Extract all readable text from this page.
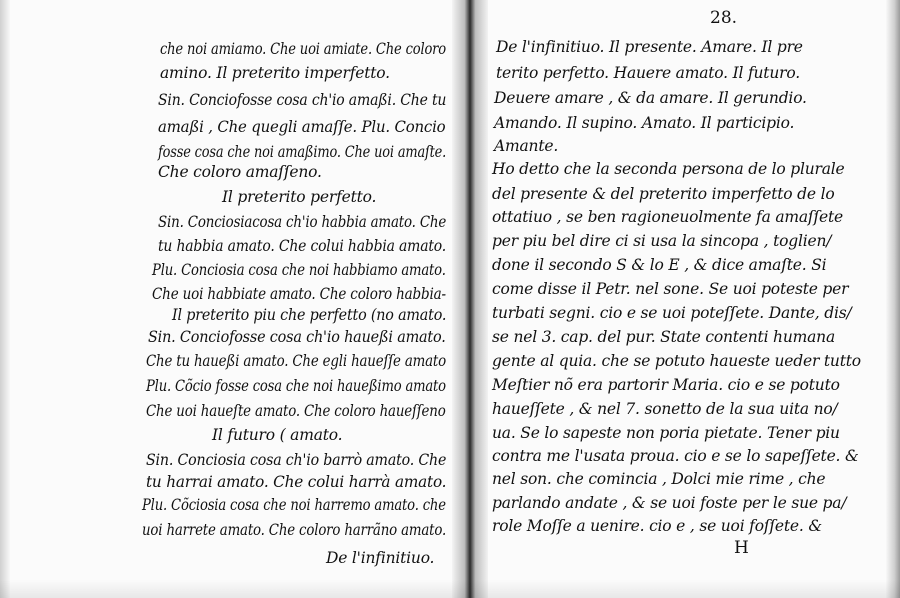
che noi amiamo. Che uoi amiate. Che coloro
amino. Il preterito imperfetto.
Sin. Conciofosse cosa ch'io amaßi. Che tu
amaßi , Che quegli amaſſe. Plu. Concio
fosse cosa che noi amaßimo. Che uoi amaſte.
Che coloro amaſſeno.
Il preterito perfetto.
Sin. Conciosiacosa ch'io habbia amato. Che
tu habbia amato. Che colui habbia amato.
Plu. Conciosia cosa che noi habbiamo amato.
Che uoi habbiate amato. Che coloro habbia-
Il preterito piu che perfetto (no amato.
Sin. Conciofosse cosa ch'io haueßi amato.
Che tu haueßi amato. Che egli haueſſe amato
Plu. Cõcio fosse cosa che noi haueßimo amato
Che uoi haueſte amato. Che coloro haueſſeno
Il futuro ( amato.
Sin. Conciosia cosa ch'io barrò amato. Che
tu harrai amato. Che colui harrà amato.
Plu. Cõciosia cosa che noi harremo amato. che
uoi harrete amato. Che coloro harrãno amato.
De l'infinitiuo.
28.
De l'infinitiuo. Il presente. Amare. Il pre
terito perfetto. Hauere amato. Il futuro.
Deuere amare , & da amare. Il gerundio.
Amando. Il supino. Amato. Il participio.
Amante.
Ho detto che la seconda persona de lo plurale
del presente & del preterito imperfetto de lo
ottatiuo , se ben ragioneuolmente fa amaſſete
per piu bel dire ci si usa la sincopa , toglien/
done il secondo S & lo E , & dice amaſte. Si
come disse il Petr. nel sone. Se uoi poteste per
turbati segni. cio e se uoi poteſſete. Dante, dis/
se nel 3. cap. del pur. State contenti humana
gente al quia. che se potuto haueste ueder tutto
Meſtier nõ era partorir Maria. cio e se potuto
haueſſete , & nel 7. sonetto de la sua uita no/
ua. Se lo sapeste non poria pietate. Tener piu
contra me l'usata proua. cio e se lo sapeſſete. &
nel son. che comincia , Dolci mie rime , che
parlando andate , & se uoi foste per le sue pa/
role Moſſe a uenire. cio e , se uoi foſſete. &
H
